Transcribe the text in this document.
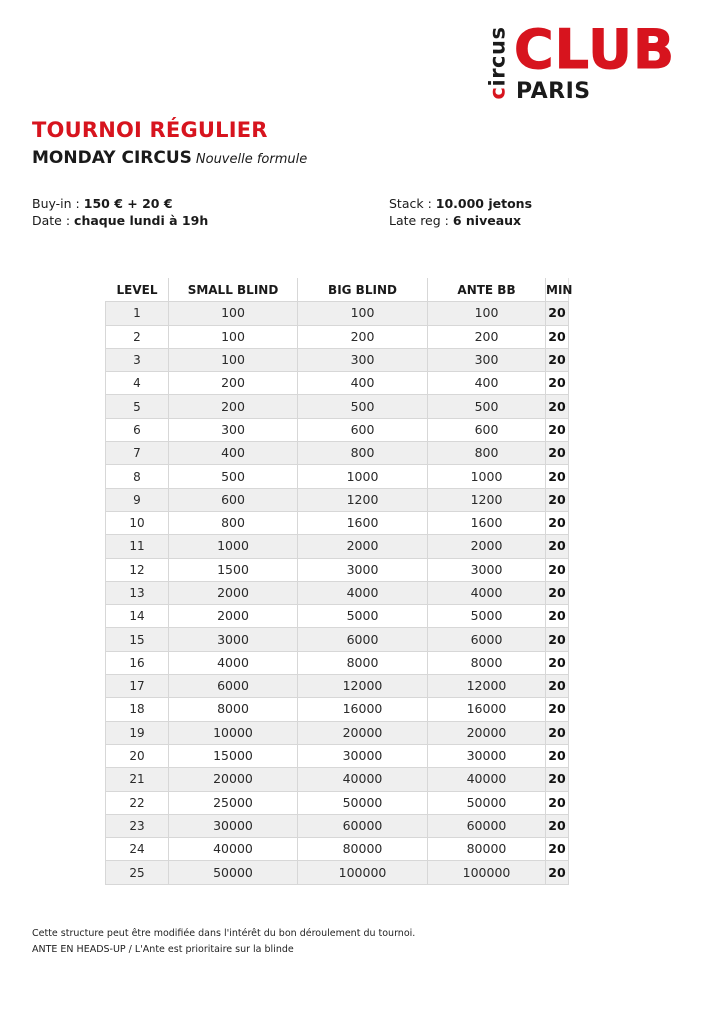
circus CLUB
PARIS
TOURNOI RÉGULIER
MONDAY CIRCUS Nouvelle formule
Buy-in : 150 € + 20 €
Date : chaque lundi à 19h
Stack : 10.000 jetons
Late reg : 6 niveaux
LEVEL	SMALL BLIND	BIG BLIND	ANTE BB	MIN
1	100	100	100	20
2	100	200	200	20
3	100	300	300	20
4	200	400	400	20
5	200	500	500	20
6	300	600	600	20
7	400	800	800	20
8	500	1000	1000	20
9	600	1200	1200	20
10	800	1600	1600	20
11	1000	2000	2000	20
12	1500	3000	3000	20
13	2000	4000	4000	20
14	2000	5000	5000	20
15	3000	6000	6000	20
16	4000	8000	8000	20
17	6000	12000	12000	20
18	8000	16000	16000	20
19	10000	20000	20000	20
20	15000	30000	30000	20
21	20000	40000	40000	20
22	25000	50000	50000	20
23	30000	60000	60000	20
24	40000	80000	80000	20
25	50000	100000	100000	20
Cette structure peut être modifiée dans l'intérêt du bon déroulement du tournoi.
ANTE EN HEADS-UP / L'Ante est prioritaire sur la blinde
